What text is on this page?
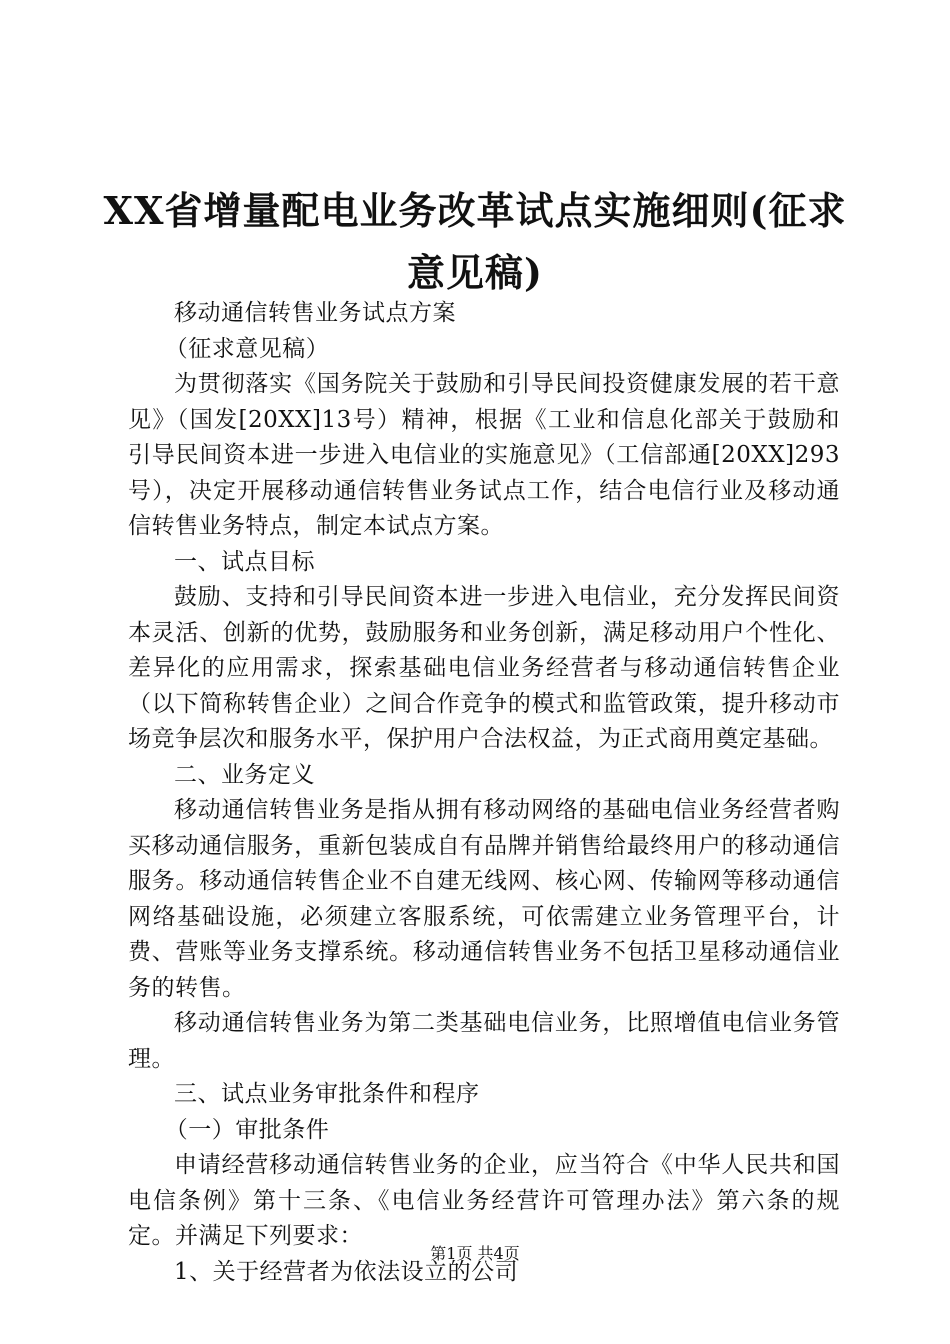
XX省增量配电业务改革试点实施细则(征求意见稿)

移动通信转售业务试点方案

（征求意见稿）

为贯彻落实《国务院关于鼓励和引导民间投资健康发展的若干意见》（国发[20XX]13号）精神，根据《工业和信息化部关于鼓励和引导民间资本进一步进入电信业的实施意见》（工信部通[20XX]293号），决定开展移动通信转售业务试点工作，结合电信行业及移动通信转售业务特点，制定本试点方案。

一、试点目标

鼓励、支持和引导民间资本进一步进入电信业，充分发挥民间资本灵活、创新的优势，鼓励服务和业务创新，满足移动用户个性化、差异化的应用需求，探索基础电信业务经营者与移动通信转售企业（以下简称转售企业）之间合作竞争的模式和监管政策，提升移动市场竞争层次和服务水平，保护用户合法权益，为正式商用奠定基础。

二、业务定义

移动通信转售业务是指从拥有移动网络的基础电信业务经营者购买移动通信服务，重新包装成自有品牌并销售给最终用户的移动通信服务。移动通信转售企业不自建无线网、核心网、传输网等移动通信网络基础设施，必须建立客服系统，可依需建立业务管理平台，计费、营账等业务支撑系统。移动通信转售业务不包括卫星移动通信业务的转售。

移动通信转售业务为第二类基础电信业务，比照增值电信业务管理。

三、试点业务审批条件和程序

（一）审批条件

申请经营移动通信转售业务的企业，应当符合《中华人民共和国电信条例》第十三条、《电信业务经营许可管理办法》第六条的规定。并满足下列要求：

1、关于经营者为依法设立的公司

第1页 共4页
